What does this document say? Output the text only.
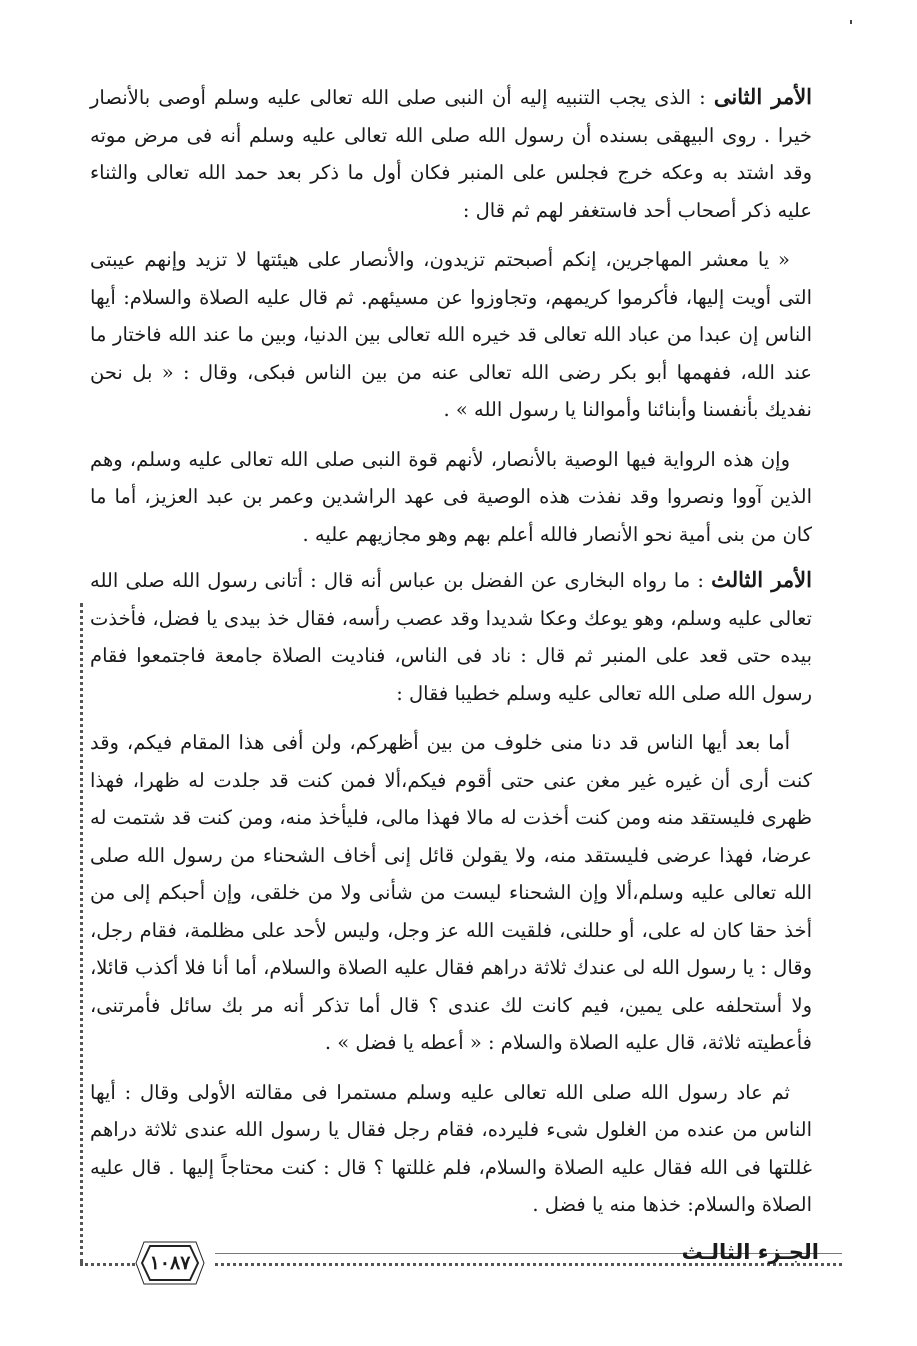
الأمر الثانى : الذى يجب التنبيه إليه أن النبى صلى الله تعالى عليه وسلم أوصى بالأنصار خيرا . روى البيهقى بسنده أن رسول الله صلى الله تعالى عليه وسلم أنه فى مرض موته وقد اشتد به وعكه خرج فجلس على المنبر فكان أول ما ذكر بعد حمد الله تعالى والثناء عليه ذكر أصحاب أحد فاستغفر لهم ثم قال :

« يا معشر المهاجرين، إنكم أصبحتم تزيدون، والأنصار على هيئتها لا تزيد وإنهم عيبتى التى أويت إليها، فأكرموا كريمهم، وتجاوزوا عن مسيئهم. ثم قال عليه الصلاة والسلام: أيها الناس إن عبدا من عباد الله تعالى قد خيره الله تعالى بين الدنيا، وبين ما عند الله فاختار ما عند الله، ففهمها أبو بكر رضى الله تعالى عنه من بين الناس فبكى، وقال : « بل نحن نفديك بأنفسنا وأبنائنا وأموالنا يا رسول الله » .

وإن هذه الرواية فيها الوصية بالأنصار، لأنهم قوة النبى صلى الله تعالى عليه وسلم، وهم الذين آووا ونصروا وقد نفذت هذه الوصية فى عهد الراشدين وعمر بن عبد العزيز، أما ما كان من بنى أمية نحو الأنصار فالله أعلم بهم وهو مجازيهم عليه .

الأمر الثالث : ما رواه البخارى عن الفضل بن عباس أنه قال : أتانى رسول الله صلى الله تعالى عليه وسلم، وهو يوعك وعكا شديدا وقد عصب رأسه، فقال خذ بيدى يا فضل، فأخذت بيده حتى قعد على المنبر ثم قال : ناد فى الناس، فناديت الصلاة جامعة فاجتمعوا فقام رسول الله صلى الله تعالى عليه وسلم خطيبا فقال :

أما بعد أيها الناس قد دنا منى خلوف من بين أظهركم، ولن أفى هذا المقام فيكم، وقد كنت أرى أن غيره غير مغن عنى حتى أقوم فيكم،ألا فمن كنت قد جلدت له ظهرا، فهذا ظهرى فليستقد منه ومن كنت أخذت له مالا فهذا مالى، فليأخذ منه، ومن كنت قد شتمت له عرضا، فهذا عرضى فليستقد منه، ولا يقولن قائل إنى أخاف الشحناء من رسول الله صلى الله تعالى عليه وسلم،ألا وإن الشحناء ليست من شأنى ولا من خلقى، وإن أحبكم إلى من أخذ حقا كان له على، أو حللنى، فلقيت الله عز وجل، وليس لأحد على مظلمة، فقام رجل، وقال : يا رسول الله لى عندك ثلاثة دراهم فقال عليه الصلاة والسلام، أما أنا فلا أكذب قائلا، ولا أستحلفه على يمين، فيم كانت لك عندى ؟ قال أما تذكر أنه مر بك سائل فأمرتنى، فأعطيته ثلاثة، قال عليه الصلاة والسلام : « أعطه يا فضل » .

ثم عاد رسول الله صلى الله تعالى عليه وسلم مستمرا فى مقالته الأولى وقال : أيها الناس من عنده من الغلول شىء فليرده، فقام رجل فقال يا رسول الله عندى ثلاثة دراهم غللتها فى الله فقال عليه الصلاة والسلام، فلم غللتها ؟ قال : كنت محتاجاً إليها . قال عليه الصلاة والسلام: خذها منه يا فضل .

١٠٨٧	الجـزء الثالـث
